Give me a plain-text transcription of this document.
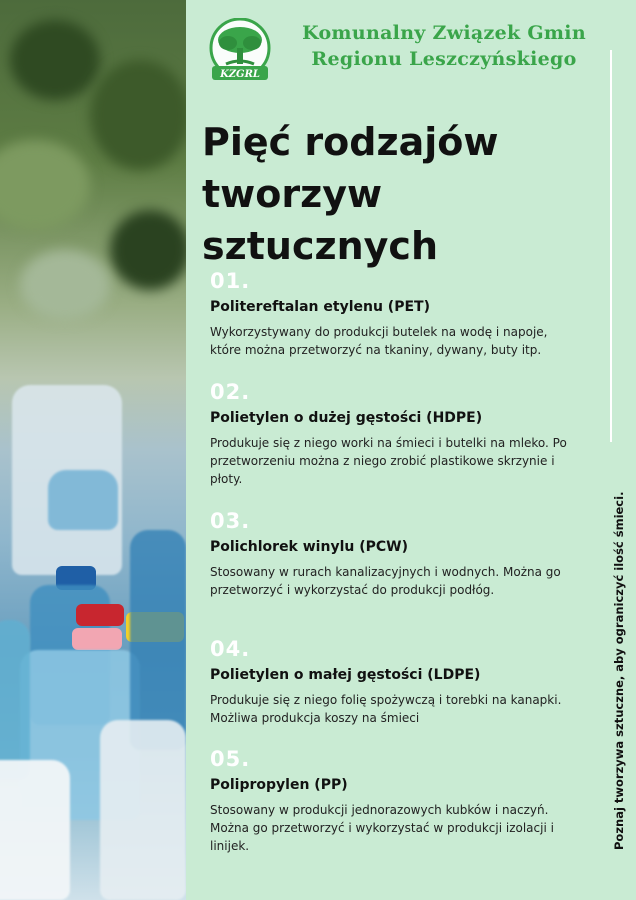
KZGRL
Komunalny Związek Gmin
Regionu Leszczyńskiego
Pięć rodzajów
tworzyw
sztucznych
01.
Politereftalan etylenu (PET)
Wykorzystywany do produkcji butelek na wodę i napoje, które można przetworzyć na tkaniny, dywany, buty itp.
02.
Polietylen o dużej gęstości (HDPE)
Produkuje się z niego worki na śmieci i butelki na mleko. Po przetworzeniu można z niego zrobić plastikowe skrzynie i płoty.
03.
Polichlorek winylu (PCW)
Stosowany w rurach kanalizacyjnych i wodnych. Można go przetworzyć i wykorzystać do produkcji podłóg.
04.
Polietylen o małej gęstości (LDPE)
Produkuje się z niego folię spożywczą i torebki na kanapki. Możliwa produkcja koszy na śmieci
05.
Polipropylen (PP)
Stosowany w produkcji jednorazowych kubków i naczyń. Można go przetworzyć i wykorzystać w produkcji izolacji i linijek.	Poznaj tworzywa sztuczne, aby ograniczyć ilość śmieci.
